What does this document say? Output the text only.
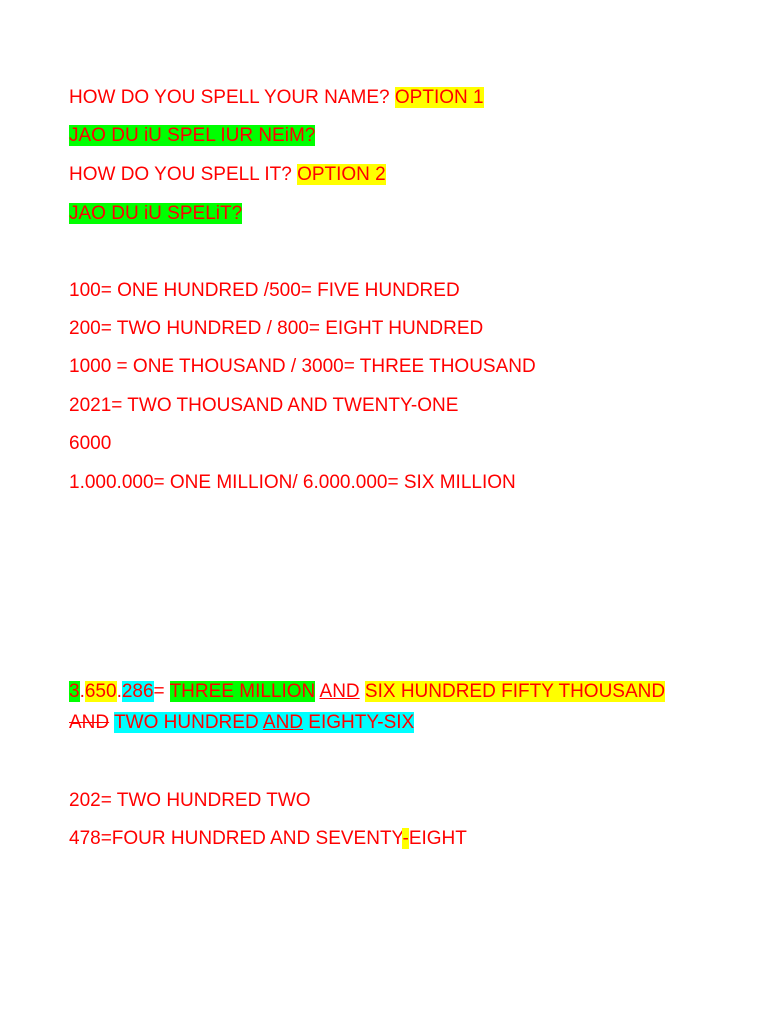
HOW DO YOU SPELL YOUR NAME? OPTION 1
JAO DU iU SPEL IUR NEiM?
HOW DO YOU SPELL IT? OPTION 2
JAO DU iU SPELiT?
100= ONE HUNDRED /500= FIVE HUNDRED
200= TWO HUNDRED / 800= EIGHT HUNDRED
1000 = ONE THOUSAND / 3000= THREE THOUSAND
2021= TWO THOUSAND AND TWENTY-ONE
6000
1.000.000= ONE MILLION/ 6.000.000= SIX MILLION
3.650.286= THREE MILLION AND SIX HUNDRED FIFTY THOUSAND
AND TWO HUNDRED AND EIGHTY-SIX
202= TWO HUNDRED TWO
478=FOUR HUNDRED AND SEVENTY-EIGHT
